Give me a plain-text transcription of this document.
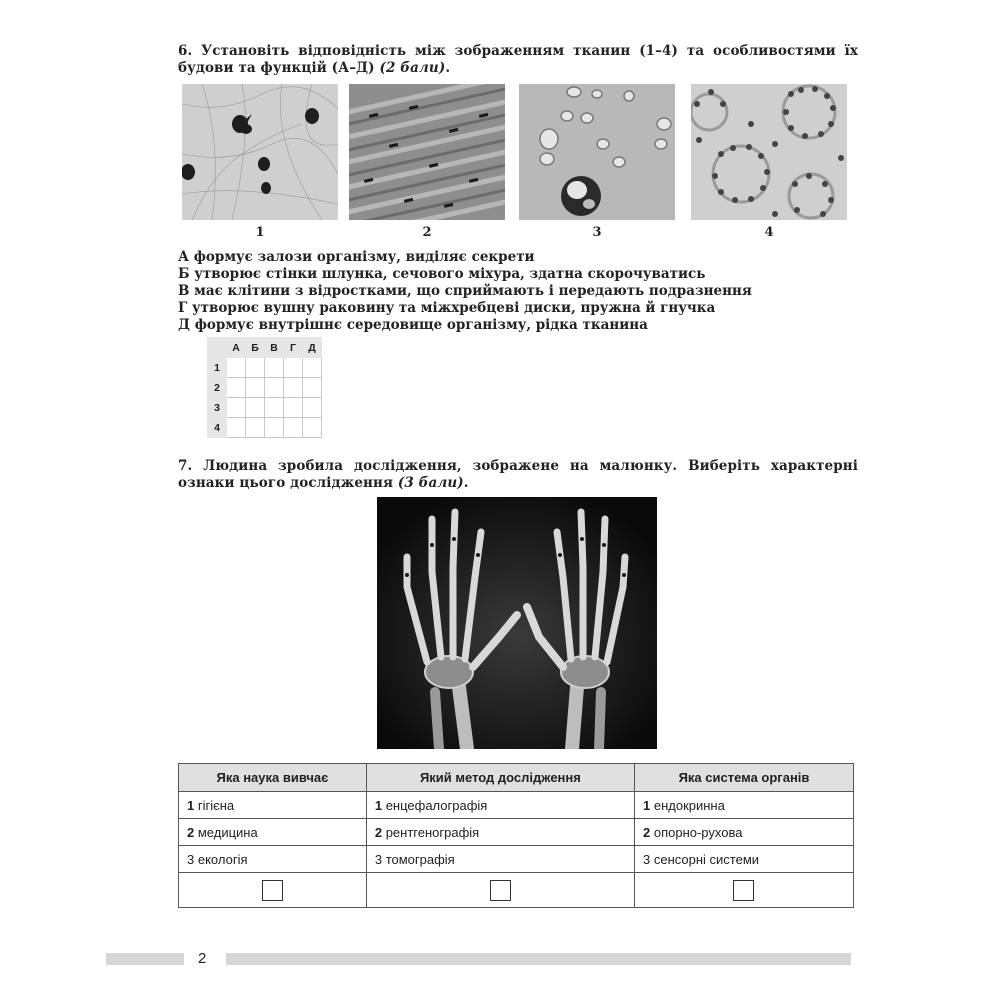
6. Установіть відповідність між зображенням тканин (1–4) та особливостями їх будови та функцій (А–Д) (2 бали).
1	2	3	4
А формує залози організму, виділяє секрети
Б утворює стінки шлунка, сечового міхура, здатна скорочуватись
В має клітини з відростками, що сприймають і передають подразнення
Г утворює вушну раковину та міжхребцеві диски, пружна й гнучка
Д формує внутрішнє середовище організму, рідка тканина
	А	Б	В	Г	Д
1					
2					
3					
4					
7. Людина зробила дослідження, зображене на малюнку. Виберіть характерні ознаки цього дослідження (3 бали).
Яка наука вивчає	Який метод дослідження	Яка система органів
1 гігієна	1 енцефалографія	1 ендокринна
2 медицина	2 рентгенографія	2 опорно-рухова
3 екологія	3 томографія	3 сенсорні системи

2
